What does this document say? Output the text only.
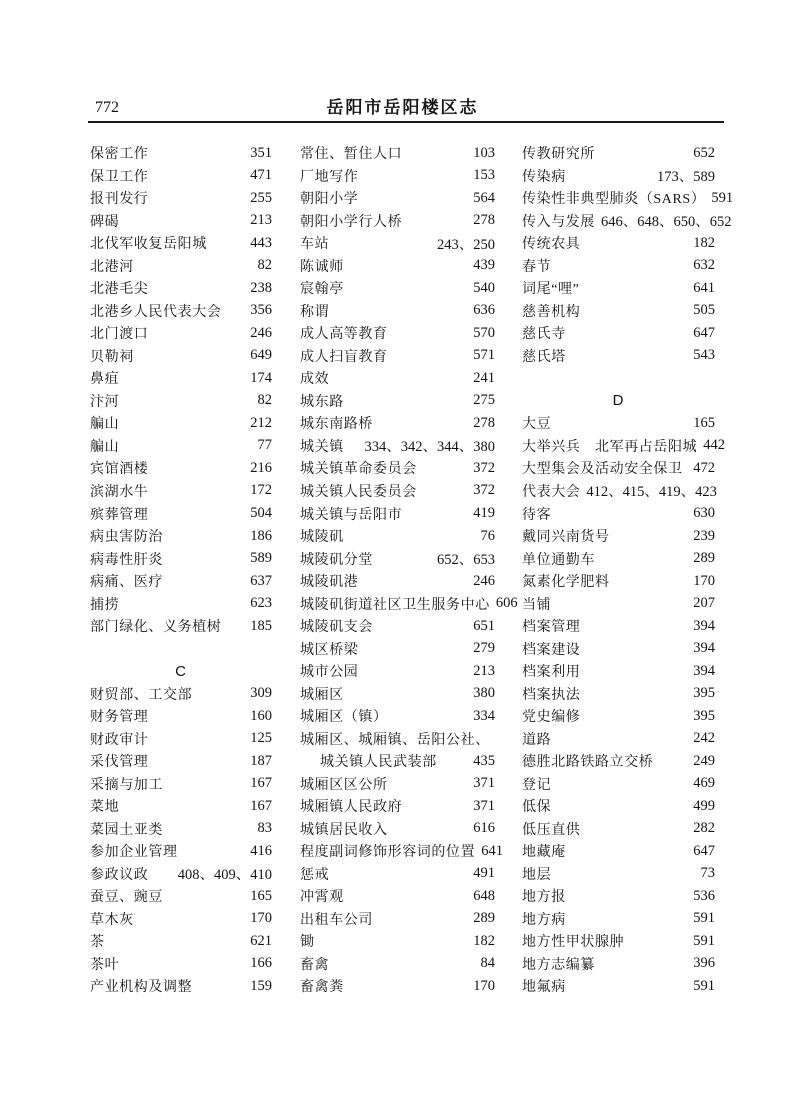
772	岳阳市岳阳楼区志
保密工作	351
保卫工作	471
报刊发行	255
碑碣	213
北伐军收复岳阳城	443
北港河	82
北港毛尖	238
北港乡人民代表大会 356
北门渡口	246
贝勒祠	649
鼻疽	174
汴河	82
艑山	212
艑山	77
宾馆酒楼	216
滨湖水牛	172
殡葬管理	504
病虫害防治	186
病毒性肝炎	589
病痛、医疗	637
捕捞	623
部门绿化、义务植树 185
C
财贸部、工交部	309
财务管理	160
财政审计	125
采伐管理	187
采摘与加工	167
菜地	167
菜园土亚类	83
参加企业管理	416
参政议政 408、409、410
蚕豆、豌豆	165
草木灰	170
茶	621
茶叶	166
产业机构及调整	159
常住、暂住人口	103
厂地写作	153
朝阳小学	564
朝阳小学行人桥	278
车站	243、250
陈诚师	439
宸翰亭	540
称谓	636
成人高等教育	570
成人扫盲教育	571
成效	241
城东路	275
城东南路桥	278
城关镇 334、342、344、380
城关镇革命委员会	372
城关镇人民委员会	372
城关镇与岳阳市	419
城陵矶	76
城陵矶分堂	652、653
城陵矶港	246
城陵矶街道社区卫生服务中心 606
城陵矶支会	651
城区桥梁	279
城市公园	213
城厢区	380
城厢区（镇）	334
城厢区、城厢镇、岳阳公社、
城关镇人民武装部	435
城厢区区公所	371
城厢镇人民政府	371
城镇居民收入	616
程度副词修饰形容词的位置 641
惩戒	491
冲霄观	648
出租车公司	289
锄	182
畜禽	84
畜禽粪	170
传教研究所	652
传染病	173、589
传染性非典型肺炎（SARS） 591
传入与发展 646、648、650、652
传统农具	182
春节	632
词尾“哩”	641
慈善机构	505
慈氏寺	647
慈氏塔	543
D
大豆	165
大举兴兵　北军再占岳阳城 442
大型集会及活动安全保卫 472
代表大会 412、415、419、423
待客	630
戴同兴南货号	239
单位通勤车	289
氮素化学肥料	170
当铺	207
档案管理	394
档案建设	394
档案利用	394
档案执法	395
党史编修	395
道路	242
德胜北路铁路立交桥	249
登记	469
低保	499
低压直供	282
地藏庵	647
地层	73
地方报	536
地方病	591
地方性甲状腺肿	591
地方志编纂	396
地氟病	591
